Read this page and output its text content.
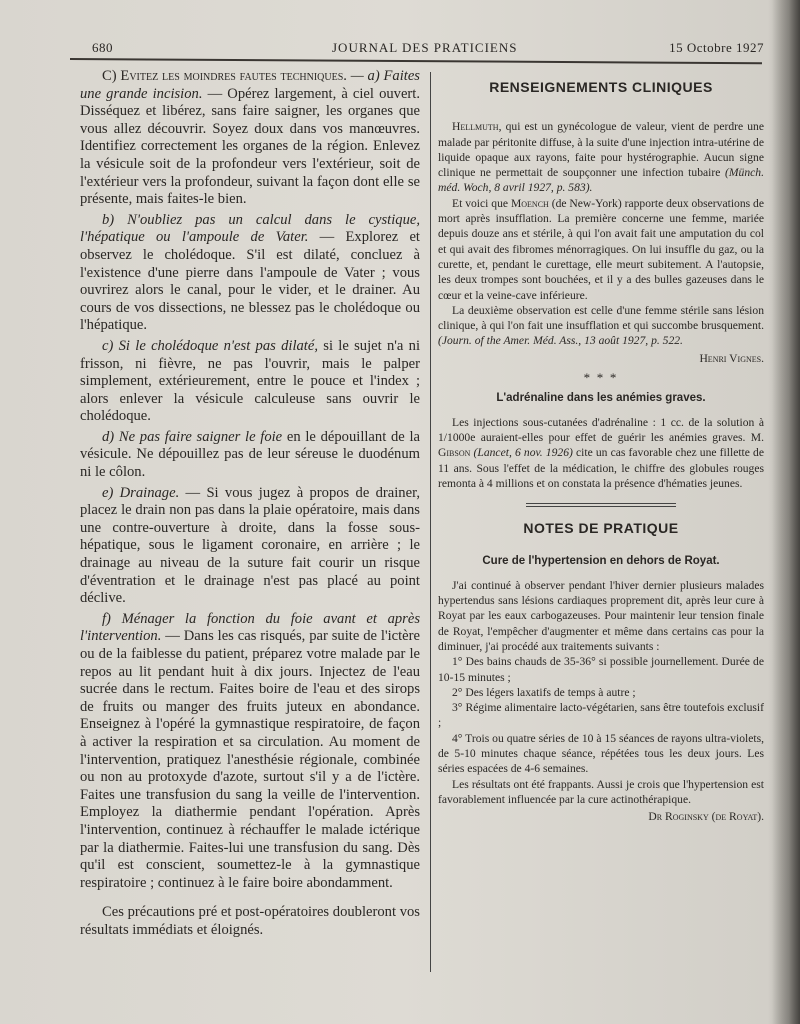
680	JOURNAL DES PRATICIENS	15 Octobre 1927

C) Evitez les moindres fautes techniques. — a) Faites une grande incision. — Opérez largement, à ciel ouvert. Disséquez et libérez, sans faire saigner, les organes que vous allez découvrir. Soyez doux dans vos manœuvres. Identifiez correctement les organes de la région. Enlevez la vésicule soit de la profondeur vers l'extérieur, soit de l'extérieur vers la profondeur, suivant la façon dont elle se présente, mais faites-le bien.

b) N'oubliez pas un calcul dans le cystique, l'hépatique ou l'ampoule de Vater. — Explorez et observez le cholédoque. S'il est dilaté, concluez à l'existence d'une pierre dans l'ampoule de Vater ; vous ouvrirez alors le canal, pour le vider, et le drainer. Au cours de vos dissections, ne blessez pas le cholédoque ou l'hépatique.

c) Si le cholédoque n'est pas dilaté, si le sujet n'a ni frisson, ni fièvre, ne pas l'ouvrir, mais le palper simplement, extérieurement, entre le pouce et l'index ; alors enlever la vésicule calculeuse sans ouvrir le cholédoque.

d) Ne pas faire saigner le foie en le dépouillant de la vésicule. Ne dépouillez pas de leur séreuse le duodénum ni le côlon.

e) Drainage. — Si vous jugez à propos de drainer, placez le drain non pas dans la plaie opératoire, mais dans une contre-ouverture à droite, dans la fosse sous-hépatique, sous le ligament coronaire, en arrière ; le drainage au niveau de la suture fait courir un risque d'éventration et le drainage n'est pas placé au point déclive.

f) Ménager la fonction du foie avant et après l'intervention. — Dans les cas risqués, par suite de l'ictère ou de la faiblesse du patient, préparez votre malade par le repos au lit pendant huit à dix jours. Injectez de l'eau sucrée dans le rectum. Faites boire de l'eau et des sirops de fruits ou manger des fruits juteux en abondance. Enseignez à l'opéré la gymnastique respiratoire, de façon à activer la respiration et sa circulation. Au moment de l'intervention, pratiquez l'anesthésie régionale, combinée ou non au protoxyde d'azote, surtout s'il y a de l'ictère. Faites une transfusion du sang la veille de l'intervention. Employez la diathermie pendant l'opération. Après l'intervention, continuez à réchauffer le malade ictérique par la diathermie. Faites-lui une transfusion du sang. Dès qu'il est conscient, soumettez-le à la gymnastique respiratoire ; continuez à le faire boire abondamment.

Ces précautions pré et post-opératoires doubleront vos résultats immédiats et éloignés.

RENSEIGNEMENTS CLINIQUES

Hellmuth, qui est un gynécologue de valeur, vient de perdre une malade par péritonite diffuse, à la suite d'une injection intra-utérine de liquide opaque aux rayons, faite pour hystérographie. Aucun signe clinique ne permettait de soupçonner une infection tubaire (Münch. méd. Woch, 8 avril 1927, p. 583).

Et voici que Moench (de New-York) rapporte deux observations de mort après insufflation. La première concerne une femme, mariée depuis douze ans et stérile, à qui l'on avait fait une amputation du col et qui avait des fibromes ménorragiques. On lui insuffle du gaz, ou la curette, et, pendant le curettage, elle meurt subitement. A l'autopsie, les deux trompes sont bouchées, et il y a des bulles gazeuses dans le cœur et la veine-cave inférieure.

La deuxième observation est celle d'une femme stérile sans lésion clinique, à qui l'on fait une insufflation et qui succombe brusquement. (Journ. of the Amer. Méd. Ass., 13 août 1927, p. 522.

Henri Vignes.

* * *
L'adrénaline dans les anémies graves.

Les injections sous-cutanées d'adrénaline : 1 cc. de la solution à 1/1000e auraient-elles pour effet de guérir les anémies graves. M. Gibson (Lancet, 6 nov. 1926) cite un cas favorable chez une fillette de 11 ans. Sous l'effet de la médication, le chiffre des globules rouges remonta à 4 millions et on constata la présence d'hématies jeunes.

NOTES DE PRATIQUE
Cure de l'hypertension en dehors de Royat.

J'ai continué à observer pendant l'hiver dernier plusieurs malades hypertendus sans lésions cardiaques proprement dit, après leur cure à Royat par les eaux carbogazeuses. Pour maintenir leur tension finale de Royat, l'empêcher d'augmenter et même dans certains cas pour la diminuer, j'ai procédé aux traitements suivants :

1° Des bains chauds de 35-36° si possible journellement. Durée de 10-15 minutes ;

2° Des légers laxatifs de temps à autre ;

3° Régime alimentaire lacto-végétarien, sans être toutefois exclusif ;

4° Trois ou quatre séries de 10 à 15 séances de rayons ultra-violets, de 5-10 minutes chaque séance, répétées tous les deux jours. Les séries espacées de 4-6 semaines.

Les résultats ont été frappants. Aussi je crois que l'hypertension est favorablement influencée par la cure actinothérapique.

Dr Roginsky (de Royat).
